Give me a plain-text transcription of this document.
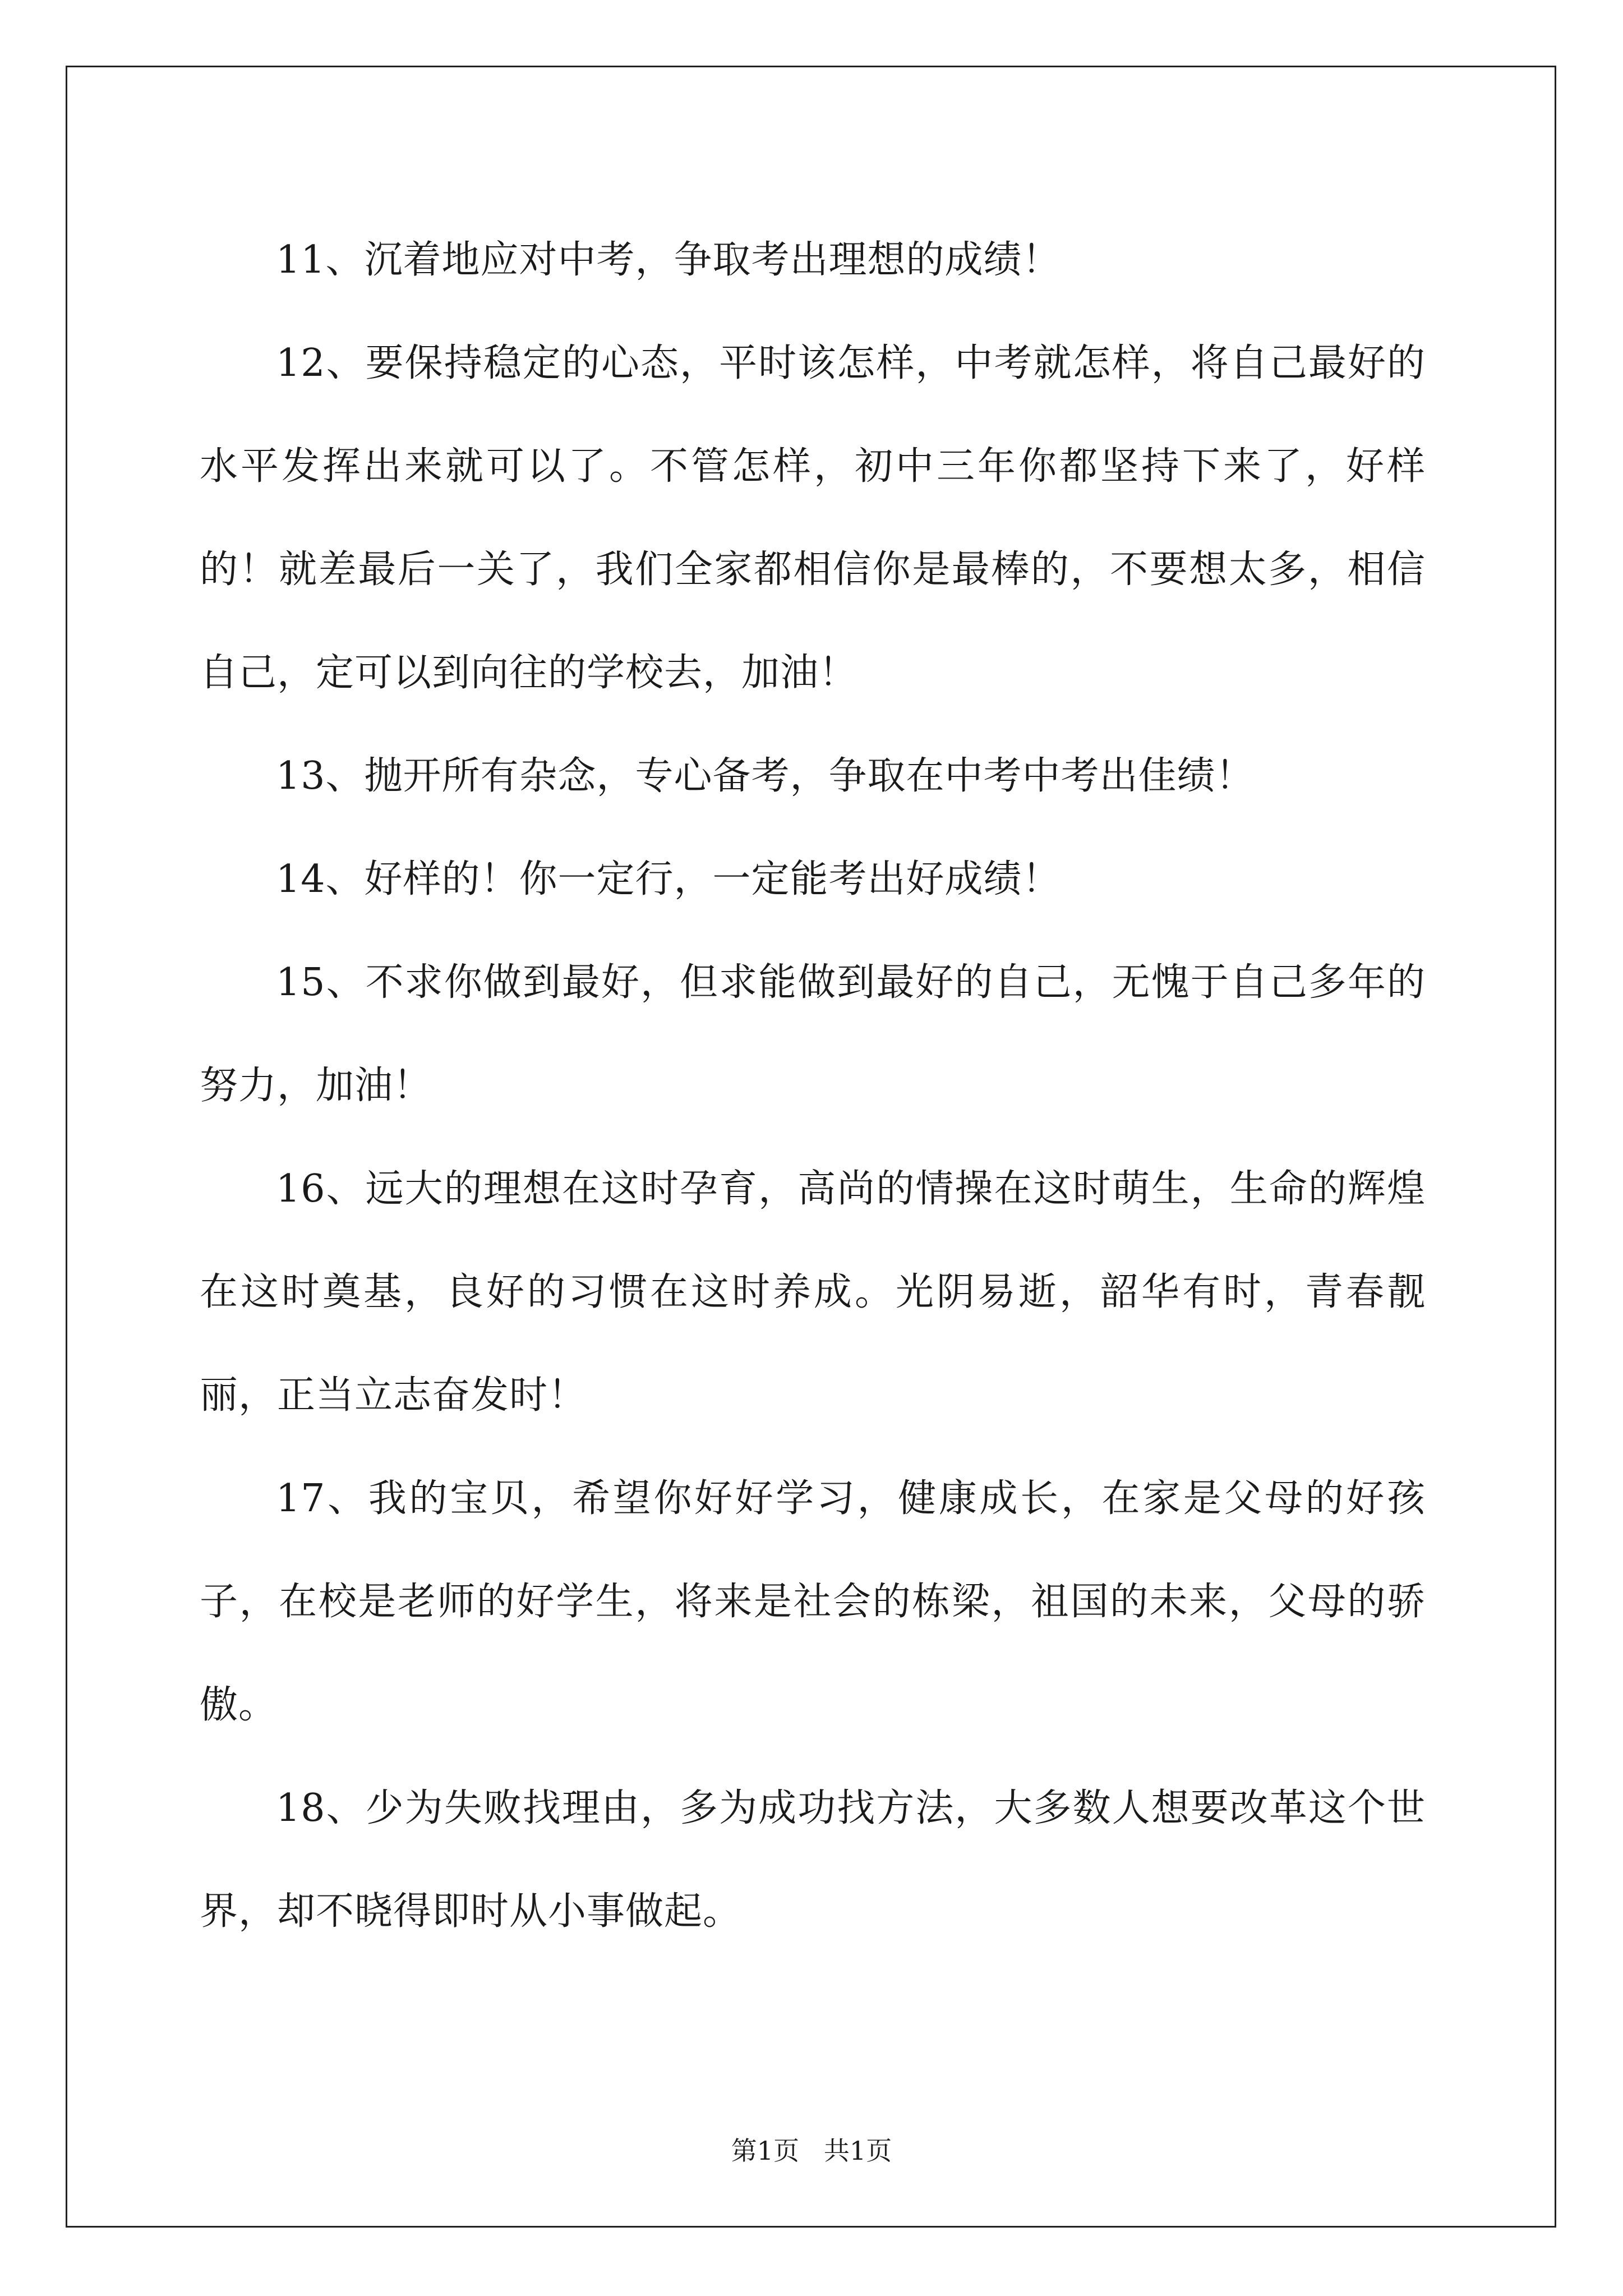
11、沉着地应对中考，争取考出理想的成绩！

12、要保持稳定的心态，平时该怎样，中考就怎样，将自己最好的水平发挥出来就可以了。不管怎样，初中三年你都坚持下来了，好样的！就差最后一关了，我们全家都相信你是最棒的，不要想太多，相信自己，定可以到向往的学校去，加油！

13、抛开所有杂念，专心备考，争取在中考中考出佳绩！

14、好样的！你一定行，一定能考出好成绩！

15、不求你做到最好，但求能做到最好的自己，无愧于自己多年的努力，加油！

16、远大的理想在这时孕育，高尚的情操在这时萌生，生命的辉煌在这时奠基，良好的习惯在这时养成。光阴易逝，韶华有时，青春靓丽，正当立志奋发时！

17、我的宝贝，希望你好好学习，健康成长，在家是父母的好孩子，在校是老师的好学生，将来是社会的栋梁，祖国的未来，父母的骄傲。

18、少为失败找理由，多为成功找方法，大多数人想要改革这个世界，却不晓得即时从小事做起。

第1页   共1页
